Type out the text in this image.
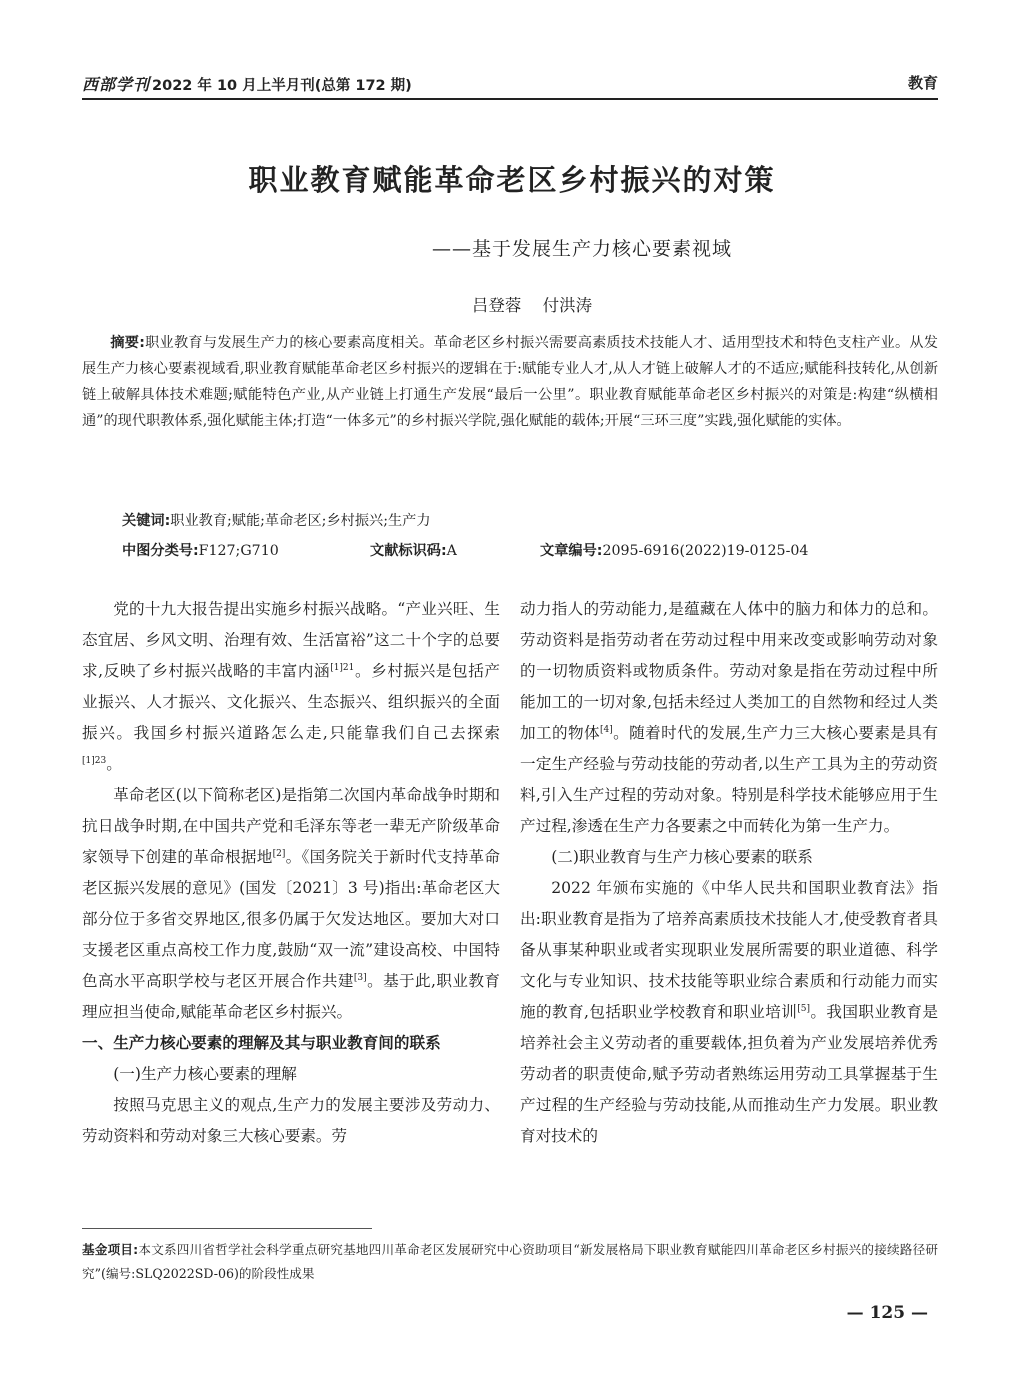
西部学刊 2022 年 10 月上半月刊(总第 172 期)	教育
职业教育赋能革命老区乡村振兴的对策
——基于发展生产力核心要素视域
吕登蓉 付洪涛

摘要:职业教育与发展生产力的核心要素高度相关。革命老区乡村振兴需要高素质技术技能人才、适用型技术和特色支柱产业。从发展生产力核心要素视域看,职业教育赋能革命老区乡村振兴的逻辑在于:赋能专业人才,从人才链上破解人才的不适应;赋能科技转化,从创新链上破解具体技术难题;赋能特色产业,从产业链上打通生产发展“最后一公里”。职业教育赋能革命老区乡村振兴的对策是:构建“纵横相通”的现代职教体系,强化赋能主体;打造“一体多元”的乡村振兴学院,强化赋能的载体;开展“三环三度”实践,强化赋能的实体。

关键词:职业教育;赋能;革命老区;乡村振兴;生产力
中图分类号:F127;G710	文献标识码:A	文章编号:2095-6916(2022)19-0125-04

党的十九大报告提出实施乡村振兴战略。“产业兴旺、生态宜居、乡风文明、治理有效、生活富裕”这二十个字的总要求,反映了乡村振兴战略的丰富内涵$^{[1]21}$。乡村振兴是包括产业振兴、人才振兴、文化振兴、生态振兴、组织振兴的全面振兴。我国乡村振兴道路怎么走,只能靠我们自己去探索$^{[1]23}$。

革命老区(以下简称老区)是指第二次国内革命战争时期和抗日战争时期,在中国共产党和毛泽东等老一辈无产阶级革命家领导下创建的革命根据地[2]。《国务院关于新时代支持革命老区振兴发展的意见》(国发〔2021〕3 号)指出:革命老区大部分位于多省交界地区,很多仍属于欠发达地区。要加大对口支援老区重点高校工作力度,鼓励“双一流”建设高校、中国特色高水平高职学校与老区开展合作共建[3]。基于此,职业教育理应担当使命,赋能革命老区乡村振兴。

一、生产力核心要素的理解及其与职业教育间的联系

(一)生产力核心要素的理解

按照马克思主义的观点,生产力的发展主要涉及劳动力、劳动资料和劳动对象三大核心要素。劳

动力指人的劳动能力,是蕴藏在人体中的脑力和体力的总和。劳动资料是指劳动者在劳动过程中用来改变或影响劳动对象的一切物质资料或物质条件。劳动对象是指在劳动过程中所能加工的一切对象,包括未经过人类加工的自然物和经过人类加工的物体[4]。随着时代的发展,生产力三大核心要素是具有一定生产经验与劳动技能的劳动者,以生产工具为主的劳动资料,引入生产过程的劳动对象。特别是科学技术能够应用于生产过程,渗透在生产力各要素之中而转化为第一生产力。

(二)职业教育与生产力核心要素的联系

2022 年颁布实施的《中华人民共和国职业教育法》指出:职业教育是指为了培养高素质技术技能人才,使受教育者具备从事某种职业或者实现职业发展所需要的职业道德、科学文化与专业知识、技术技能等职业综合素质和行动能力而实施的教育,包括职业学校教育和职业培训[5]。我国职业教育是培养社会主义劳动者的重要载体,担负着为产业发展培养优秀劳动者的职责使命,赋予劳动者熟练运用劳动工具掌握基于生产过程的生产经验与劳动技能,从而推动生产力发展。职业教育对技术的

基金项目:本文系四川省哲学社会科学重点研究基地四川革命老区发展研究中心资助项目“新发展格局下职业教育赋能四川革命老区乡村振兴的接续路径研究”(编号:SLQ2022SD-06)的阶段性成果
— 125 —
